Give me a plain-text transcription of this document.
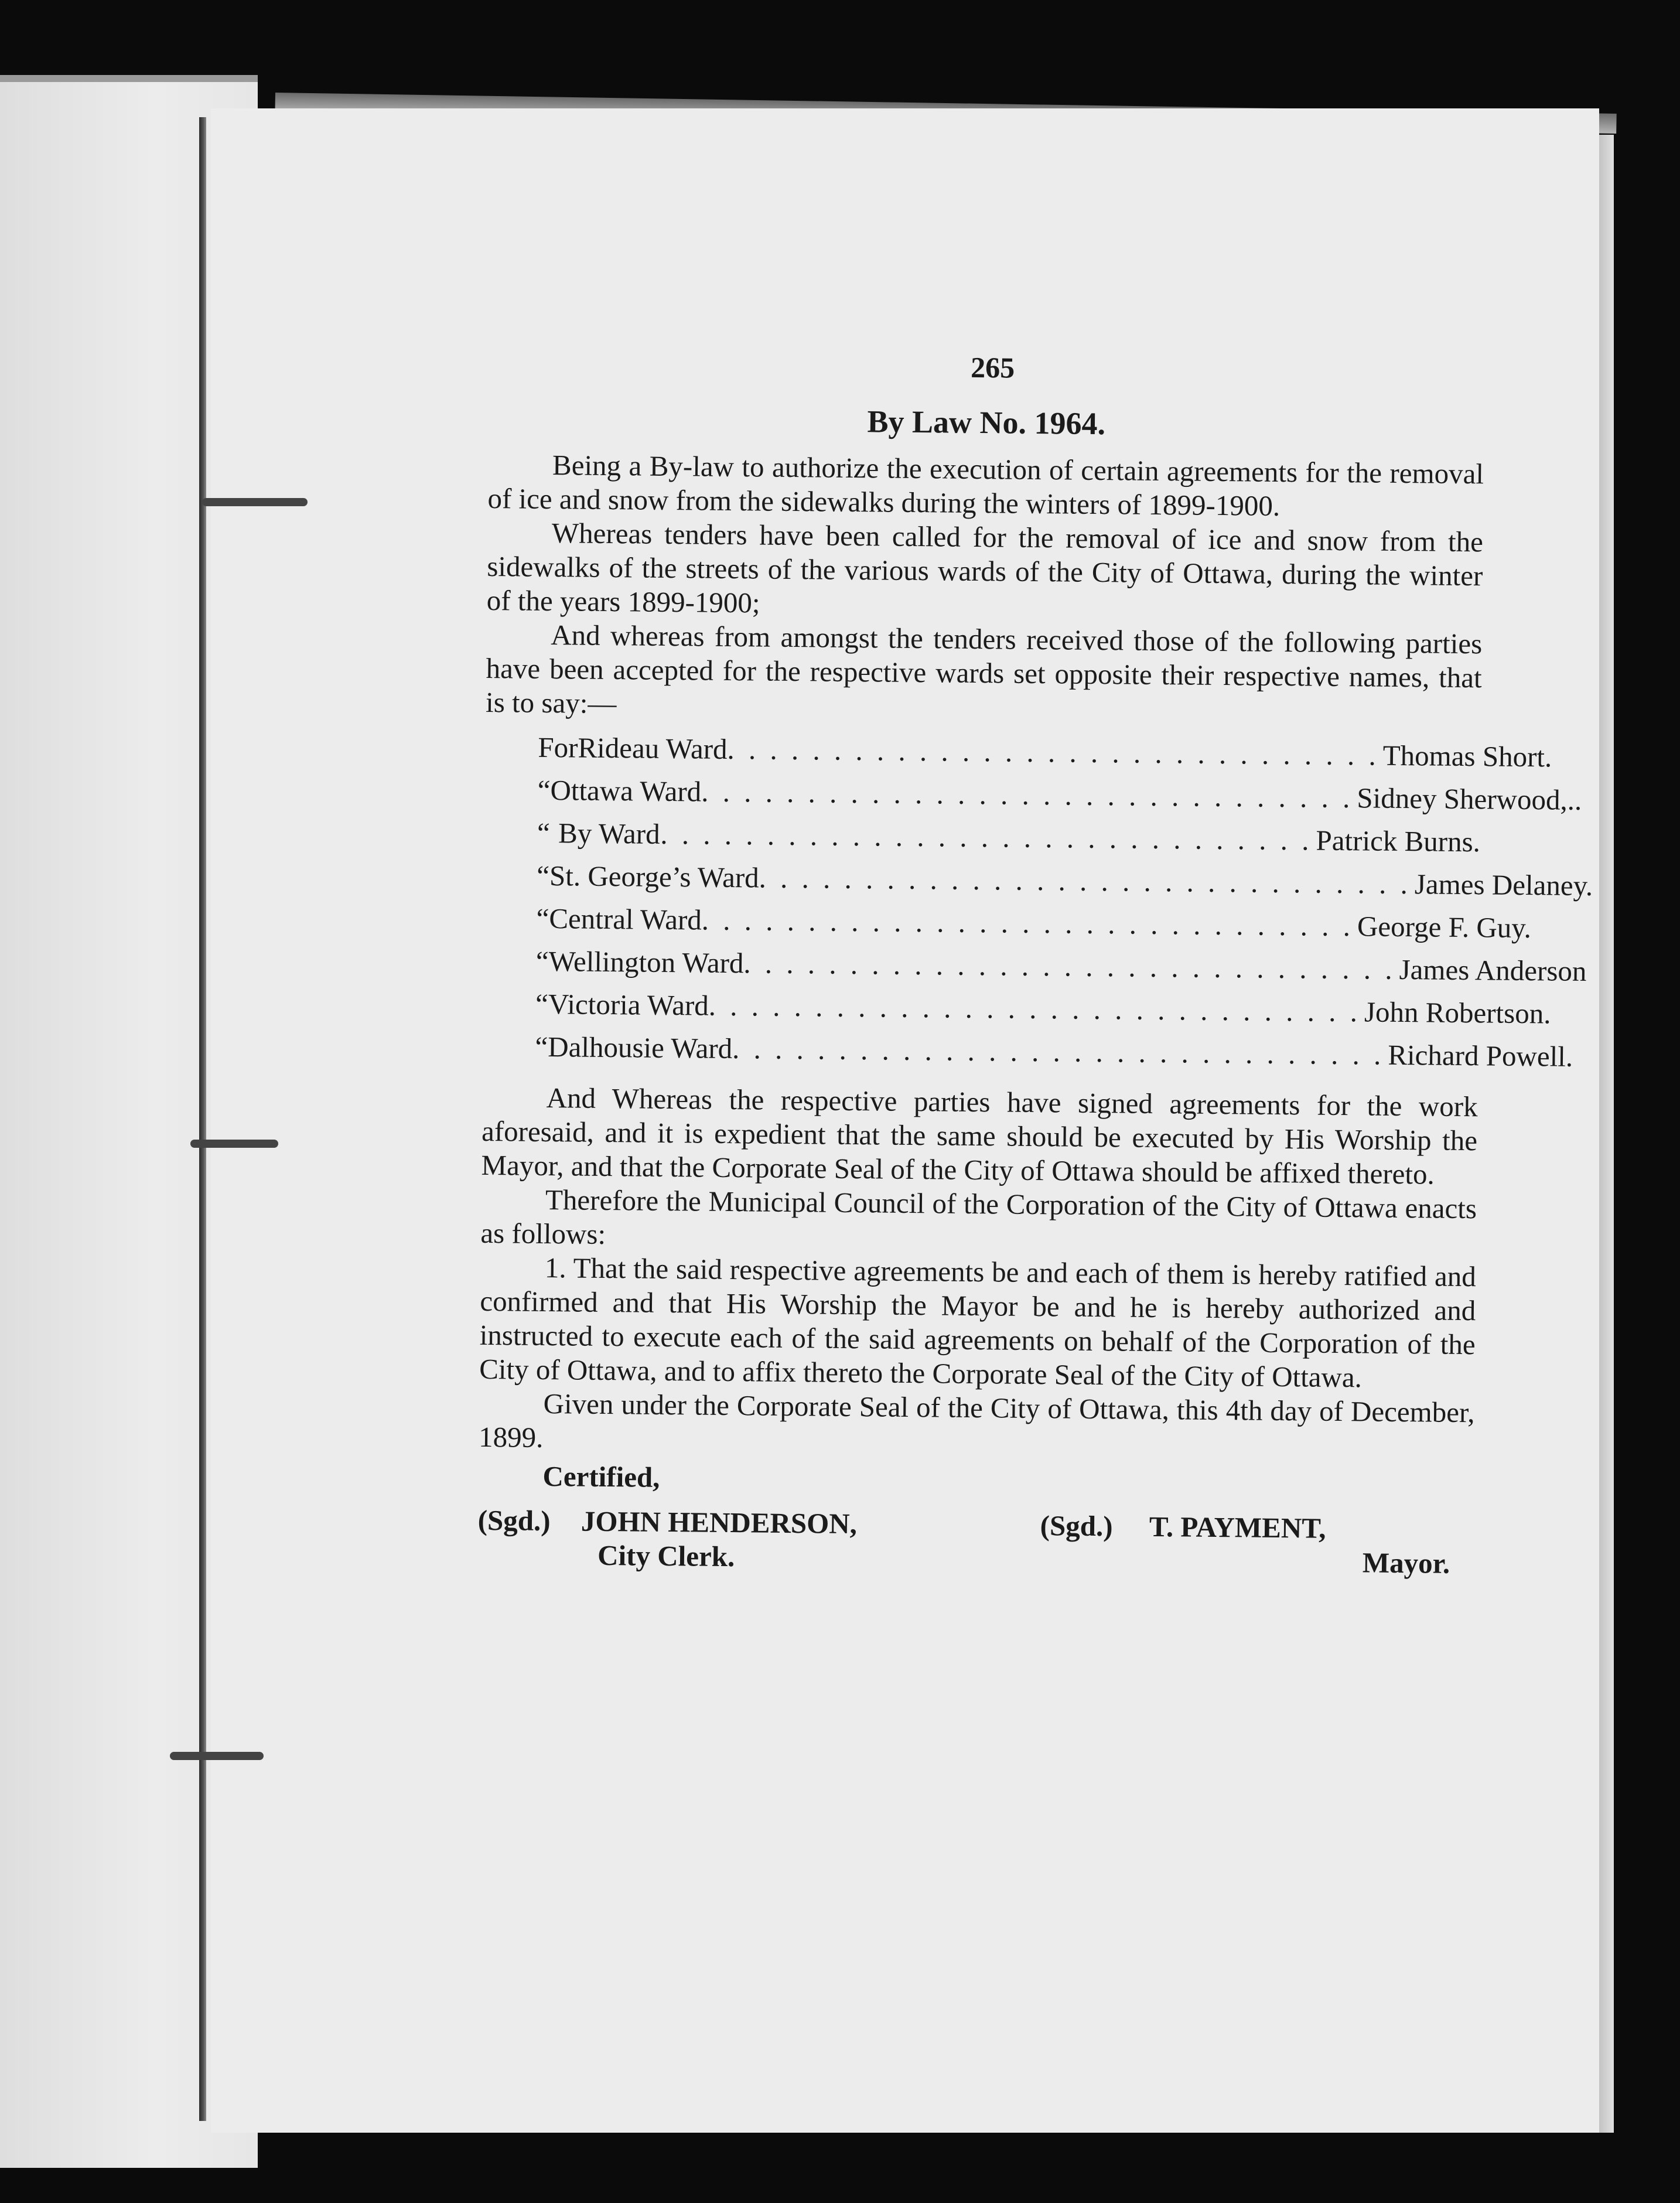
265
By Law No. 1964.

Being a By-law to authorize the execution of certain agreements for the removal of ice and snow from the sidewalks during the winters of 1899-1900.

Whereas tenders have been called for the removal of ice and snow from the sidewalks of the streets of the various wards of the City of Ottawa, during the winter of the years 1899-1900;

And whereas from amongst the tenders received those of the following parties have been accepted for the respective wards set opposite their respective names, that is to say:—

For Rideau Ward . . . . . . . . . . . . . . . . . . . . . . . . . . . . . . . Thomas Short.
“ Ottawa Ward . . . . . . . . . . . . . . . . . . . . . . . . . . . . . . . Sidney Sherwood,..
“ By Ward . . . . . . . . . . . . . . . . . . . . . . . . . . . . . . . Patrick Burns.
“ St. George’s Ward . . . . . . . . . . . . . . . . . . . . . . . . . . . . . . . James Delaney.
“ Central Ward . . . . . . . . . . . . . . . . . . . . . . . . . . . . . . . George F. Guy.
“ Wellington Ward . . . . . . . . . . . . . . . . . . . . . . . . . . . . . . . James Anderson
“ Victoria Ward . . . . . . . . . . . . . . . . . . . . . . . . . . . . . . . John Robertson.
“ Dalhousie Ward . . . . . . . . . . . . . . . . . . . . . . . . . . . . . . . Richard Powell.

And Whereas the respective parties have signed agreements for the work aforesaid, and it is expedient that the same should be executed by His Worship the Mayor, and that the Corporate Seal of the City of Ottawa should be affixed thereto.

Therefore the Municipal Council of the Corporation of the City of Ottawa enacts as follows:

1. That the said respective agreements be and each of them is hereby ratified and confirmed and that His Worship the Mayor be and he is hereby authorized and instructed to execute each of the said agreements on behalf of the Corporation of the City of Ottawa, and to affix thereto the Corporate Seal of the City of Ottawa.

Given under the Corporate Seal of the City of Ottawa, this 4th day of December, 1899.

Certified,
(Sgd.) JOHN HENDERSON,
City Clerk.
(Sgd.) T. PAYMENT,
Mayor.
